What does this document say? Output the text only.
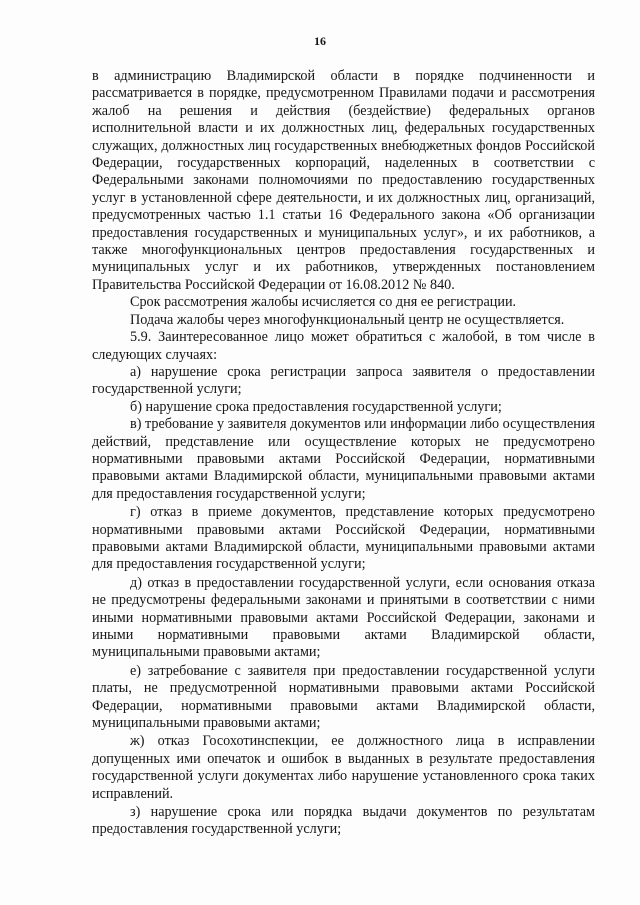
16

в администрацию Владимирской области в порядке подчиненности и рассматривается в порядке, предусмотренном Правилами подачи и рассмотрения жалоб на решения и действия (бездействие) федеральных органов исполнительной власти и их должностных лиц, федеральных государственных служащих, должностных лиц государственных внебюджетных фондов Российской Федерации, государственных корпораций, наделенных в соответствии с Федеральными законами полномочиями по предоставлению государственных услуг в установленной сфере деятельности, и их должностных лиц, организаций, предусмотренных частью 1.1 статьи 16 Федерального закона «Об организации предоставления государственных и муниципальных услуг», и их работников, а также многофункциональных центров предоставления государственных и муниципальных услуг и их работников, утвержденных постановлением Правительства Российской Федерации от 16.08.2012 № 840.

Срок рассмотрения жалобы исчисляется со дня ее регистрации.

Подача жалобы через многофункциональный центр не осуществляется.

5.9. Заинтересованное лицо может обратиться с жалобой, в том числе в следующих случаях:

а) нарушение срока регистрации запроса заявителя о предоставлении государственной услуги;

б) нарушение срока предоставления государственной услуги;

в) требование у заявителя документов или информации либо осуществления действий, представление или осуществление которых не предусмотрено нормативными правовыми актами Российской Федерации, нормативными правовыми актами Владимирской области, муниципальными правовыми актами для предоставления государственной услуги;

г) отказ в приеме документов, представление которых предусмотрено нормативными правовыми актами Российской Федерации, нормативными правовыми актами Владимирской области, муниципальными правовыми актами для предоставления государственной услуги;

д) отказ в предоставлении государственной услуги, если основания отказа не предусмотрены федеральными законами и принятыми в соответствии с ними иными нормативными правовыми актами Российской Федерации, законами и иными нормативными правовыми актами Владимирской области, муниципальными правовыми актами;

е) затребование с заявителя при предоставлении государственной услуги платы, не предусмотренной нормативными правовыми актами Российской Федерации, нормативными правовыми актами Владимирской области, муниципальными правовыми актами;

ж) отказ Госохотинспекции, ее должностного лица в исправлении допущенных ими опечаток и ошибок в выданных в результате предоставления государственной услуги документах либо нарушение установленного срока таких исправлений.

з) нарушение срока или порядка выдачи документов по результатам предоставления государственной услуги;
